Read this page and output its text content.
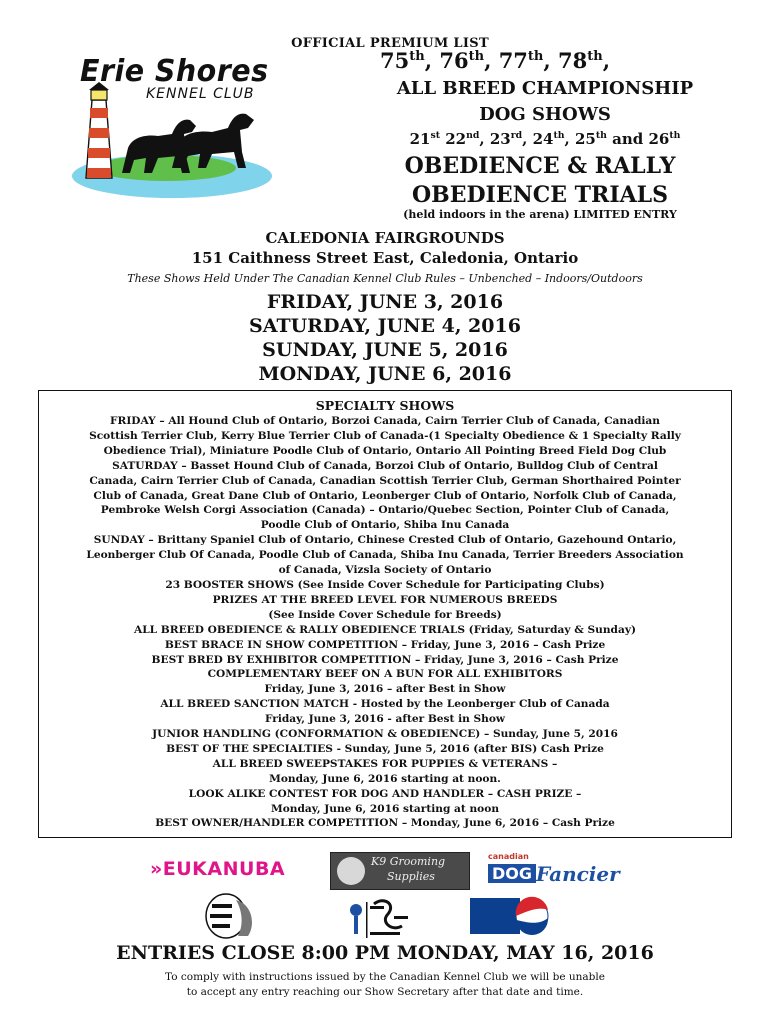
Erie Shores
KENNEL CLUB
OFFICIAL PREMIUM LIST
75th, 76th, 77th, 78th,
ALL BREED CHAMPIONSHIP
DOG SHOWS
21st 22nd, 23rd, 24th, 25th and 26th
OBEDIENCE & RALLY
OBEDIENCE TRIALS
(held indoors in the arena) LIMITED ENTRY
CALEDONIA FAIRGROUNDS
151 Caithness Street East, Caledonia, Ontario
These Shows Held Under The Canadian Kennel Club Rules – Unbenched – Indoors/Outdoors
FRIDAY, JUNE 3, 2016
SATURDAY, JUNE 4, 2016
SUNDAY, JUNE 5, 2016
MONDAY, JUNE 6, 2016
SPECIALTY SHOWS
FRIDAY – All Hound Club of Ontario, Borzoi Canada, Cairn Terrier Club of Canada, Canadian
Scottish Terrier Club, Kerry Blue Terrier Club of Canada-(1 Specialty Obedience & 1 Specialty Rally
Obedience Trial), Miniature Poodle Club of Ontario, Ontario All Pointing Breed Field Dog Club
SATURDAY – Basset Hound Club of Canada, Borzoi Club of Ontario, Bulldog Club of Central
Canada, Cairn Terrier Club of Canada, Canadian Scottish Terrier Club, German Shorthaired Pointer
Club of Canada, Great Dane Club of Ontario, Leonberger Club of Ontario, Norfolk Club of Canada,
Pembroke Welsh Corgi Association (Canada) – Ontario/Quebec Section, Pointer Club of Canada,
Poodle Club of Ontario, Shiba Inu Canada
SUNDAY – Brittany Spaniel Club of Ontario, Chinese Crested Club of Ontario, Gazehound Ontario,
Leonberger Club Of Canada, Poodle Club of Canada, Shiba Inu Canada, Terrier Breeders Association
of Canada, Vizsla Society of Ontario
23 BOOSTER SHOWS (See Inside Cover Schedule for Participating Clubs)
PRIZES AT THE BREED LEVEL FOR NUMEROUS BREEDS
(See Inside Cover Schedule for Breeds)
ALL BREED OBEDIENCE & RALLY OBEDIENCE TRIALS (Friday, Saturday & Sunday)
BEST BRACE IN SHOW COMPETITION – Friday, June 3, 2016 – Cash Prize
BEST BRED BY EXHIBITOR COMPETITION – Friday, June 3, 2016 – Cash Prize
COMPLEMENTARY BEEF ON A BUN FOR ALL EXHIBITORS
Friday, June 3, 2016 – after Best in Show
ALL BREED SANCTION MATCH - Hosted by the Leonberger Club of Canada
Friday, June 3, 2016 - after Best in Show
JUNIOR HANDLING (CONFORMATION & OBEDIENCE) – Sunday, June 5, 2016
BEST OF THE SPECIALTIES - Sunday, June 5, 2016 (after BIS) Cash Prize
ALL BREED SWEEPSTAKES FOR PUPPIES & VETERANS –
Monday, June 6, 2016 starting at noon.
LOOK ALIKE CONTEST FOR DOG AND HANDLER – CASH PRIZE –
Monday, June 6, 2016 starting at noon
BEST OWNER/HANDLER COMPETITION – Monday, June 6, 2016 – Cash Prize
»EUKANUBA	K9 Grooming
Supplies
canadian
DOG Fancier
ENTRIES CLOSE 8:00 PM MONDAY, MAY 16, 2016
To comply with instructions issued by the Canadian Kennel Club we will be unable
to accept any entry reaching our Show Secretary after that date and time.
